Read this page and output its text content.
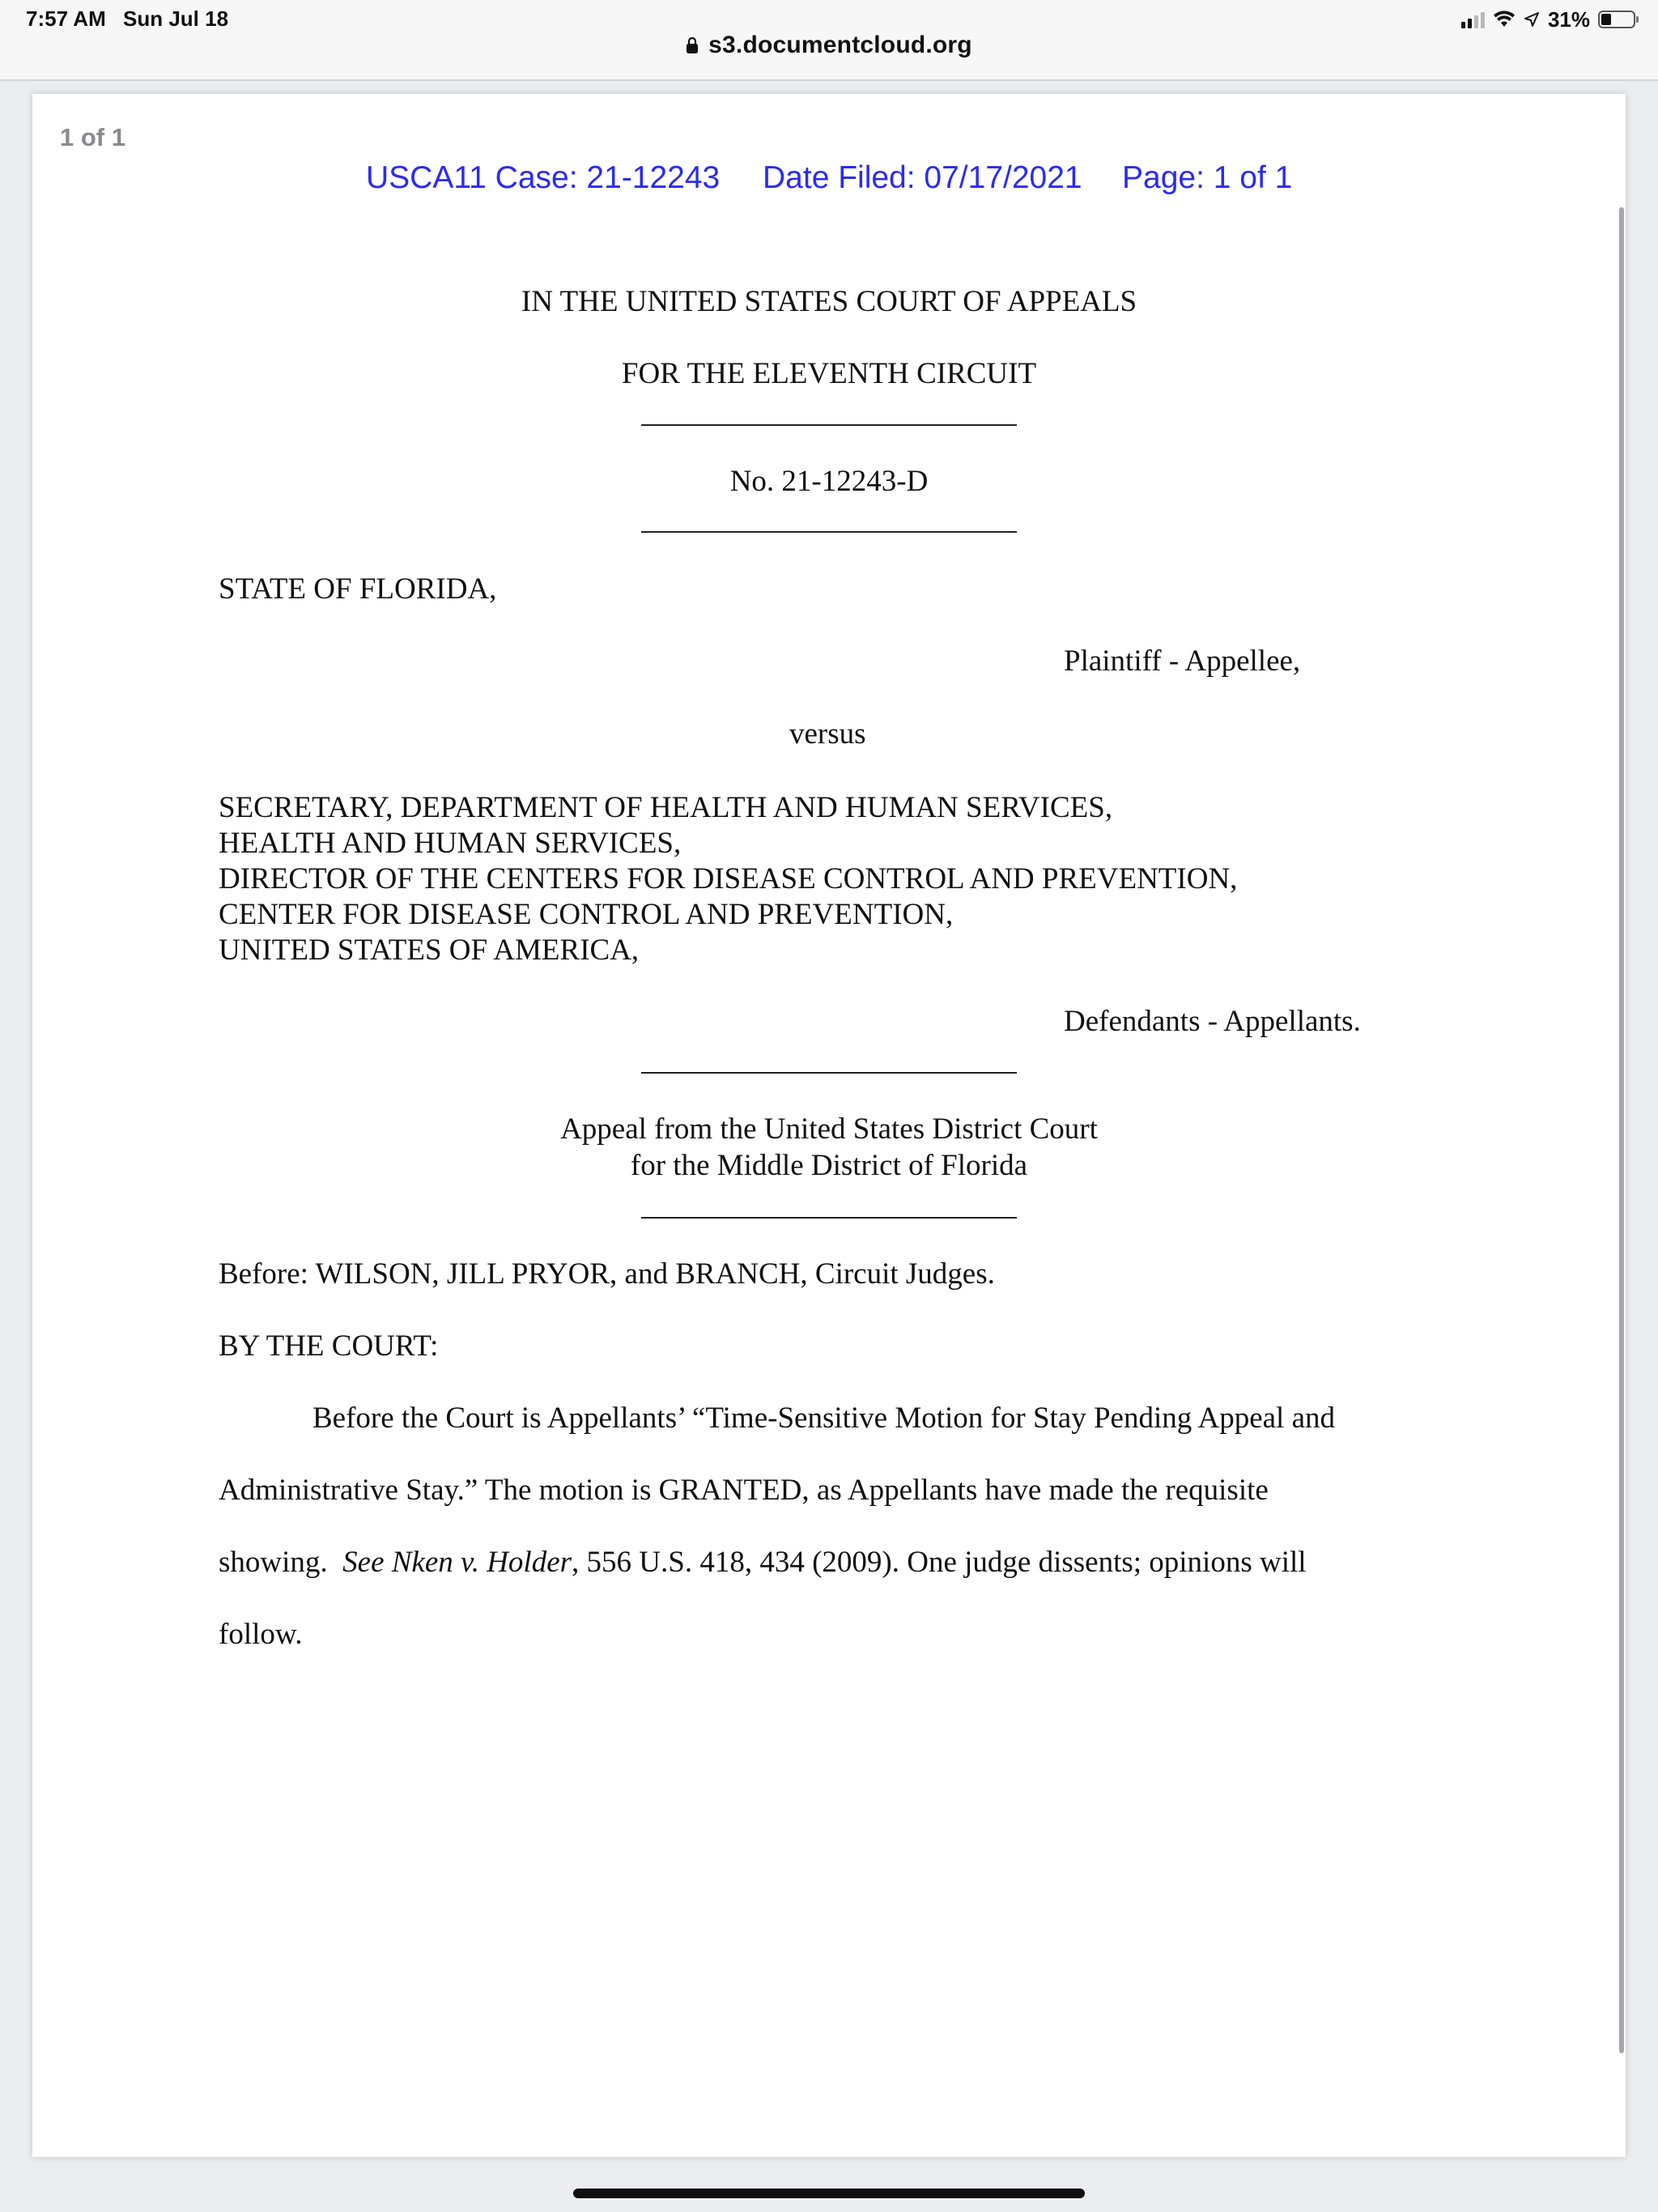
7:57 AM Sun Jul 18	31%
s3.documentcloud.org
1 of 1
USCA11 Case: 21-12243 Date Filed: 07/17/2021 Page: 1 of 1
IN THE UNITED STATES COURT OF APPEALS
FOR THE ELEVENTH CIRCUIT
No. 21-12243-D
STATE OF FLORIDA,
Plaintiff - Appellee,
versus
SECRETARY, DEPARTMENT OF HEALTH AND HUMAN SERVICES,
HEALTH AND HUMAN SERVICES,
DIRECTOR OF THE CENTERS FOR DISEASE CONTROL AND PREVENTION,
CENTER FOR DISEASE CONTROL AND PREVENTION,
UNITED STATES OF AMERICA,
Defendants - Appellants.
Appeal from the United States District Court
for the Middle District of Florida
Before: WILSON, JILL PRYOR, and BRANCH, Circuit Judges.
BY THE COURT:
Before the Court is Appellants’ “Time-Sensitive Motion for Stay Pending Appeal and
Administrative Stay.” The motion is GRANTED, as Appellants have made the requisite
showing.  See Nken v. Holder, 556 U.S. 418, 434 (2009). One judge dissents; opinions will
follow.
